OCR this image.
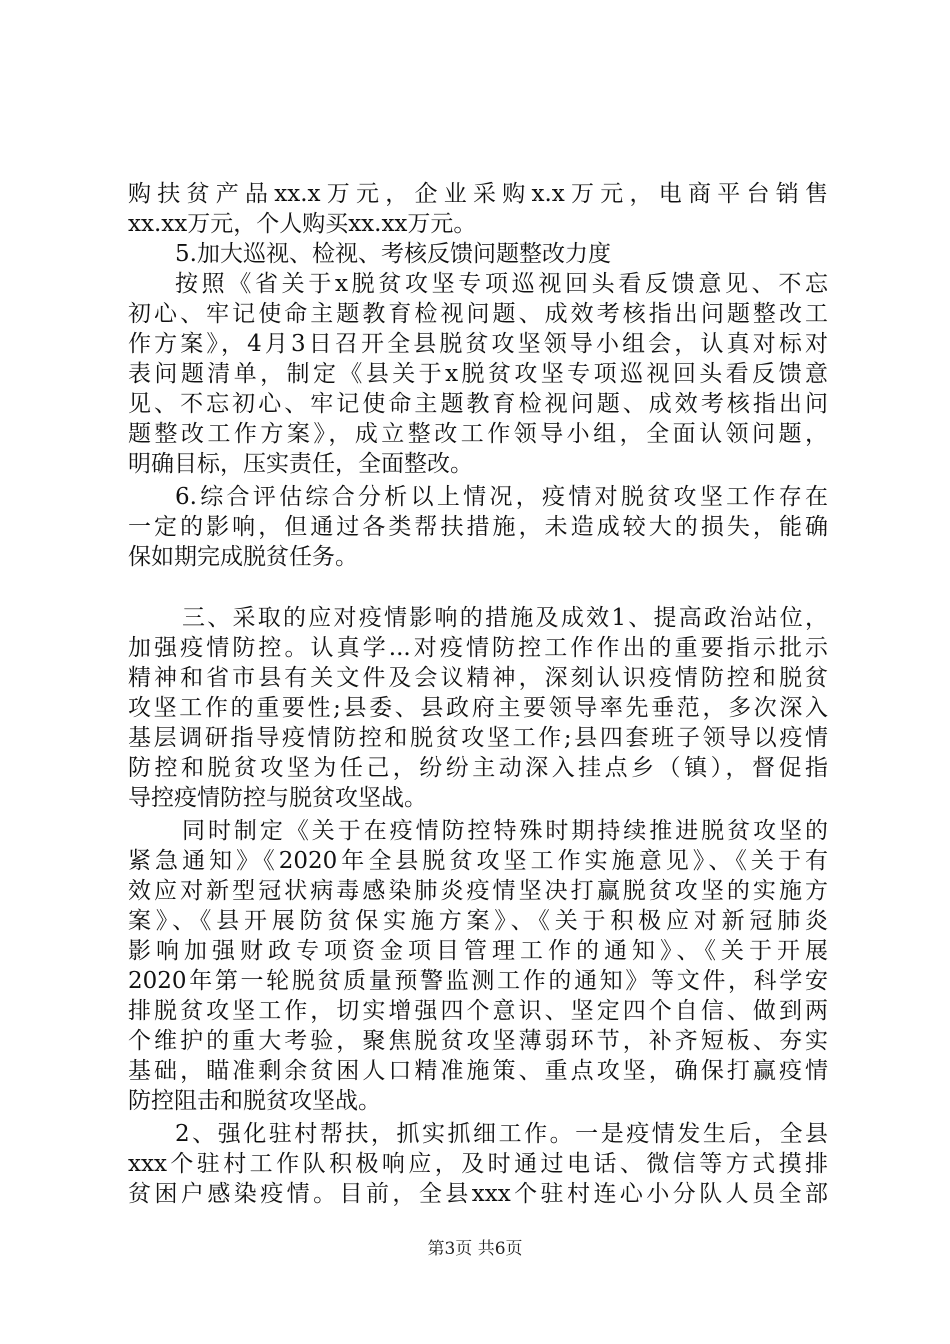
购扶贫产品xx.x万元，企业采购x.x万元，电商平台销售
xx.xx万元，个人购买xx.xx万元。
5.加大巡视、检视、考核反馈问题整改力度
按照《省关于x脱贫攻坚专项巡视回头看反馈意见、不忘
初心、牢记使命主题教育检视问题、成效考核指出问题整改工
作方案》，4月3日召开全县脱贫攻坚领导小组会，认真对标对
表问题清单，制定《县关于x脱贫攻坚专项巡视回头看反馈意
见、不忘初心、牢记使命主题教育检视问题、成效考核指出问
题整改工作方案》，成立整改工作领导小组，全面认领问题，
明确目标，压实责任，全面整改。
6.综合评估综合分析以上情况，疫情对脱贫攻坚工作存在
一定的影响，但通过各类帮扶措施，未造成较大的损失，能确
保如期完成脱贫任务。
三、采取的应对疫情影响的措施及成效1、提高政治站位，
加强疫情防控。认真学...对疫情防控工作作出的重要指示批示
精神和省市县有关文件及会议精神，深刻认识疫情防控和脱贫
攻坚工作的重要性;县委、县政府主要领导率先垂范，多次深入
基层调研指导疫情防控和脱贫攻坚工作;县四套班子领导以疫情
防控和脱贫攻坚为任己，纷纷主动深入挂点乡（镇），督促指
导控疫情防控与脱贫攻坚战。
同时制定《关于在疫情防控特殊时期持续推进脱贫攻坚的
紧急通知》《2020年全县脱贫攻坚工作实施意见》、《关于有
效应对新型冠状病毒感染肺炎疫情坚决打赢脱贫攻坚的实施方
案》、《县开展防贫保实施方案》、《关于积极应对新冠肺炎
影响加强财政专项资金项目管理工作的通知》、《关于开展
2020年第一轮脱贫质量预警监测工作的通知》等文件，科学安
排脱贫攻坚工作，切实增强四个意识、坚定四个自信、做到两
个维护的重大考验，聚焦脱贫攻坚薄弱环节，补齐短板、夯实
基础，瞄准剩余贫困人口精准施策、重点攻坚，确保打赢疫情
防控阻击和脱贫攻坚战。
2、强化驻村帮扶，抓实抓细工作。一是疫情发生后，全县
xxx个驻村工作队积极响应，及时通过电话、微信等方式摸排
贫困户感染疫情。目前，全县xxx个驻村连心小分队人员全部
第3页 共6页
